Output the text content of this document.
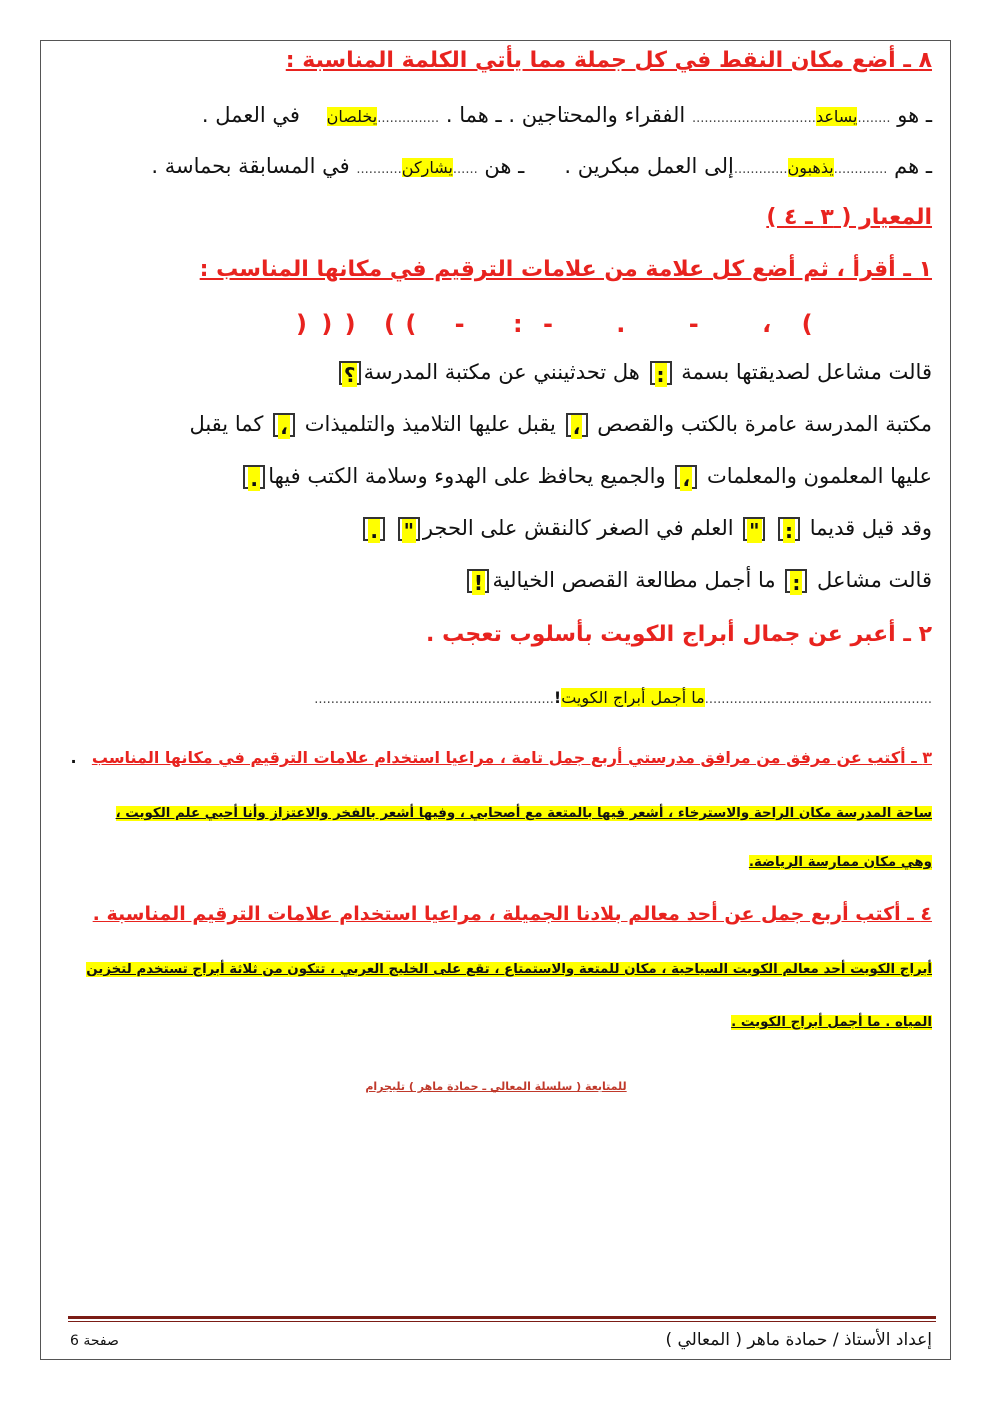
٨ ـ أضع مكان النقط في كل جملة مما يأتي الكلمة المناسبة :
ـ هو ........يساعد.............................. الفقراء والمحتاجين . ـ هما . ...............يخلصان    في العمل .
ـ هم .............يذهبون.............إلى العمل مبكرين .      ـ هن ......يشاركن........... في المسابقة بحماسة .
المعيار ( ٣ ـ ٤ )
١ ـ أقرأ ، ثم أضع كل علامة من علامات الترقيم في مكانها المناسب :
) ) ) ( ( - : -	.	-	، (
قالت مشاعل لصديقتها بسمة : هل تحدثينني عن مكتبة المدرسة؟
مكتبة المدرسة عامرة بالكتب والقصص ، يقبل عليها التلاميذ والتلميذات ، كما يقبل
عليها المعلمون والمعلمات ، والجميع يحافظ على الهدوء وسلامة الكتب فيها.
وقد قيل قديما : " العلم في الصغر كالنقش على الحجر" .
قالت مشاعل : ما أجمل مطالعة القصص الخيالية!
٢ ـ أعبر عن جمال أبراج الكويت بأسلوب تعجب .
.......................................................ما أجمل أبراج الكويت!..........................................................
٣ ـ أكتب عن مرفق من مرافق مدرستي أربع جمل تامة ، مراعيا استخدام علامات الترقيم في مكانها المناسب   .
ساحة المدرسة مكان الراحة والاسترخاء ، أشعر فيها بالمتعة مع أصحابي ، وفيها أشعر بالفخر والاعتزاز وأنا أحيي علم الكويت ،
وهي مكان ممارسة الرياضة.
٤ ـ أكتب أربع جمل عن أحد معالم بلادنا الجميلة ، مراعيا استخدام علامات الترقيم المناسبة .
أبراج الكويت أحد معالم الكويت السياحية ، مكان للمتعة والاستمتاع ، تقع على الخليج العربي ، تتكون من ثلاثة أبراج تستخدم لتخزين
المياه . ما أجمل أبراج الكويت .
للمتابعة ( سلسلة المعالي ـ حمادة ماهر ) تليجرام
إعداد الأستاذ / حمادة ماهر ( المعالي )
صفحة 6
